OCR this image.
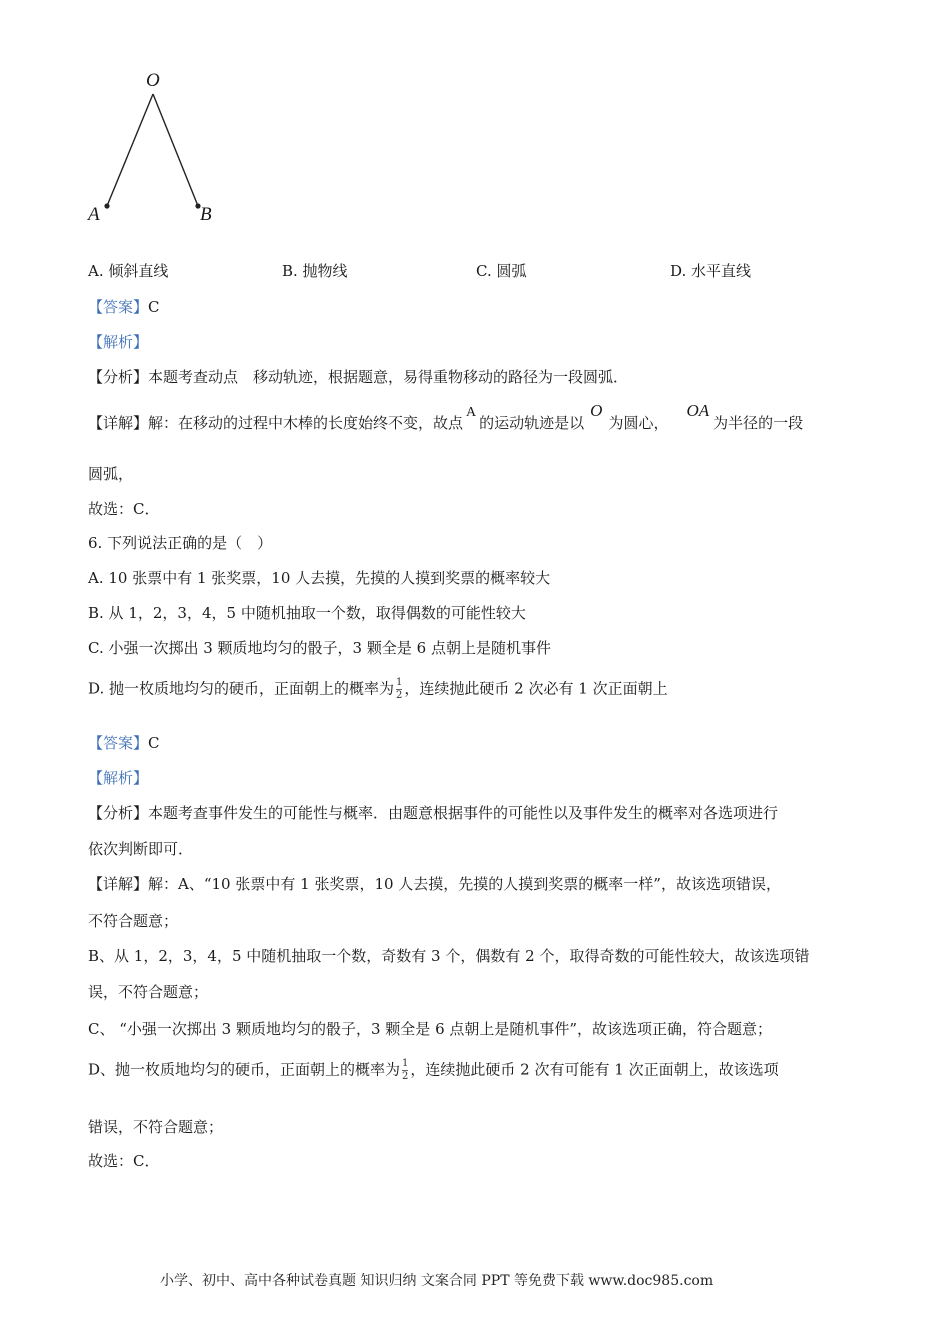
O
A	B
A. 倾斜直线	B. 抛物线	C. 圆弧	D. 水平直线
【答案】C
【解析】
【分析】本题考查动点　移动轨迹，根据题意，易得重物移动的路径为一段圆弧．
【详解】解：在移动的过程中木棒的长度始终不变，故点A的运动轨迹是以O为圆心，OA为半径的一段
圆弧，
故选：C．
6. 下列说法正确的是（　）
A. 10 张票中有 1 张奖票，10 人去摸，先摸的人摸到奖票的概率较大
B. 从 1，2，3，4，5 中随机抽取一个数，取得偶数的可能性较大
C. 小强一次掷出 3 颗质地均匀的骰子，3 颗全是 6 点朝上是随机事件
D. 抛一枚质地均匀的硬币，正面朝上的概率为 $\frac{1}{2}$ ，连续抛此硬币 2 次必有 1 次正面朝上
【答案】C
【解析】
【分析】本题考查事件发生的可能性与概率．由题意根据事件的可能性以及事件发生的概率对各选项进行
依次判断即可．
【详解】解：A、“10 张票中有 1 张奖票，10 人去摸，先摸的人摸到奖票的概率一样”，故该选项错误，
不符合题意；
B、从 1，2，3，4，5 中随机抽取一个数，奇数有 3 个，偶数有 2 个，取得奇数的可能性较大，故该选项错
误，不符合题意；
C、 “小强一次掷出 3 颗质地均匀的骰子，3 颗全是 6 点朝上是随机事件”，故该选项正确，符合题意；
D、抛一枚质地均匀的硬币，正面朝上的概率为 $\frac{1}{2}$ ，连续抛此硬币 2 次有可能有 1 次正面朝上，故该选项
错误，不符合题意；
故选：C．
小学、初中、高中各种试卷真题 知识归纳 文案合同 PPT 等免费下载 www.doc985.com
